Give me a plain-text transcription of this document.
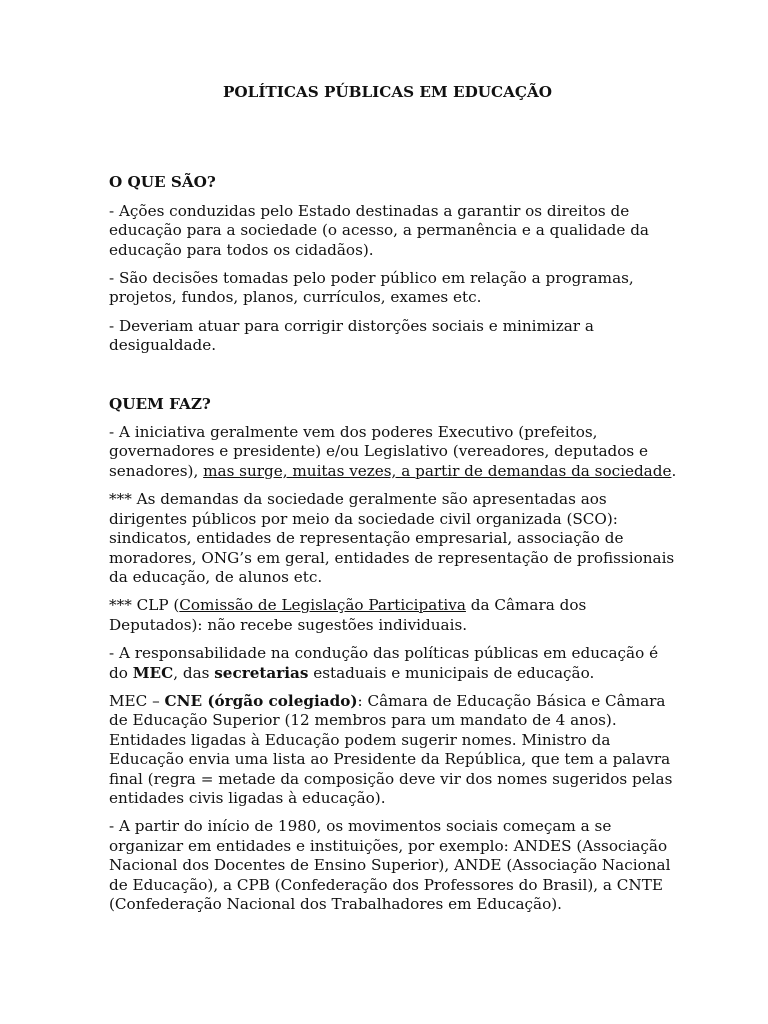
POLÍTICAS PÚBLICAS EM EDUCAÇÃO
O QUE SÃO?

- Ações conduzidas pelo Estado destinadas a garantir os direitos de educação para a sociedade (o acesso, a permanência e a qualidade da educação para todos os cidadãos).

- São decisões tomadas pelo poder público em relação a programas, projetos, fundos, planos, currículos, exames etc.

- Deveriam atuar para corrigir distorções sociais e minimizar a desigualdade.

QUEM FAZ?

- A iniciativa geralmente vem dos poderes Executivo (prefeitos, governadores e presidente) e/ou Legislativo (vereadores, deputados e senadores), mas surge, muitas vezes, a partir de demandas da sociedade.

*** As demandas da sociedade geralmente são apresentadas aos dirigentes públicos por meio da sociedade civil organizada (SCO): sindicatos, entidades de representação empresarial, associação de moradores, ONG’s em geral, entidades de representação de profissionais da educação, de alunos etc.

*** CLP (Comissão de Legislação Participativa da Câmara dos Deputados): não recebe sugestões individuais.

- A responsabilidade na condução das políticas públicas em educação é do MEC, das secretarias estaduais e municipais de educação.

MEC – CNE (órgão colegiado): Câmara de Educação Básica e Câmara de Educação Superior (12 membros para um mandato de 4 anos). Entidades ligadas à Educação podem sugerir nomes. Ministro da Educação envia uma lista ao Presidente da República, que tem a palavra final (regra = metade da composição deve vir dos nomes sugeridos pelas entidades civis ligadas à educação).

- A partir do início de 1980, os movimentos sociais começam a se organizar em entidades e instituições, por exemplo: ANDES (Associação Nacional dos Docentes de Ensino Superior), ANDE (Associação Nacional de Educação), a CPB (Confederação dos Professores do Brasil), a CNTE (Confederação Nacional dos Trabalhadores em Educação).
